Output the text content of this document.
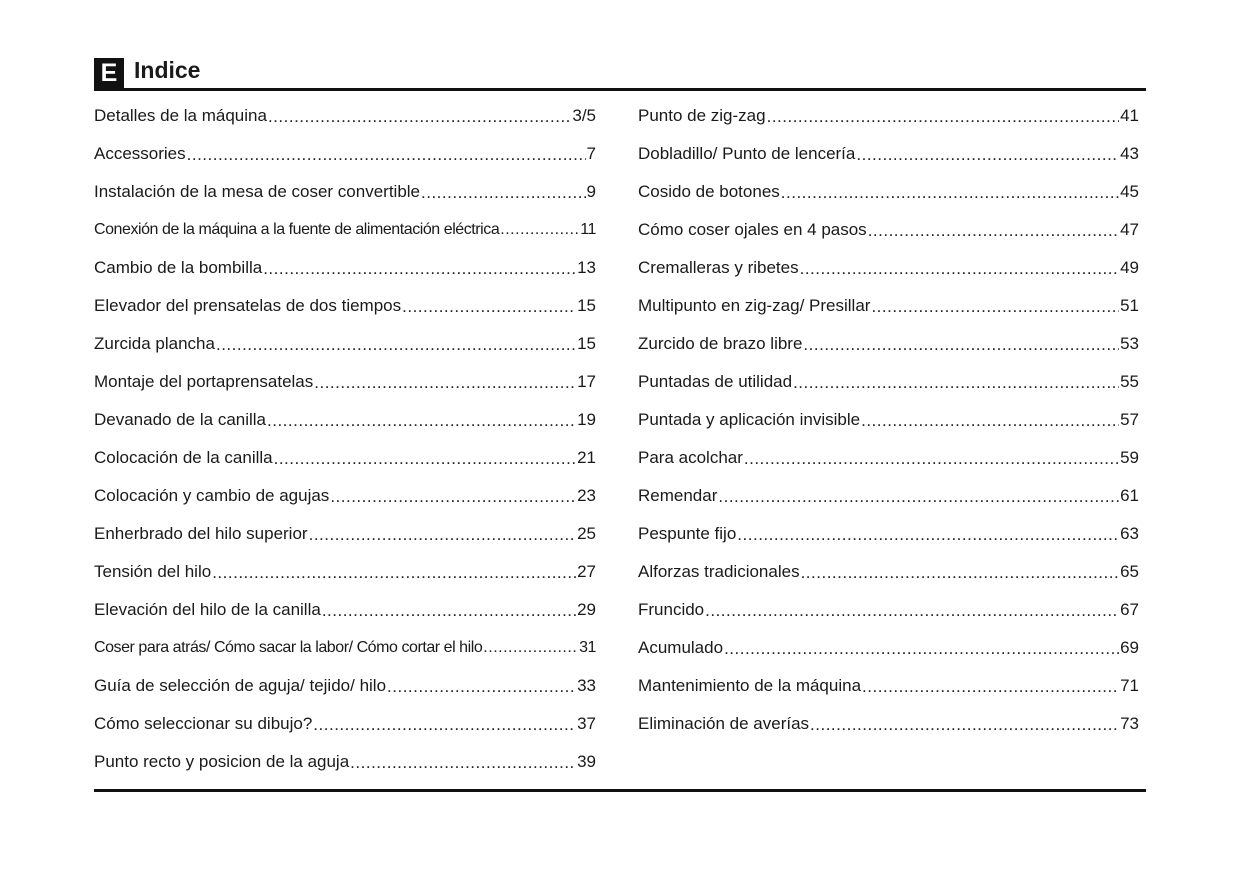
E Indice
Detalles de la máquina .....	3/5
Accessories .....	7
Instalación de la mesa de coser convertible .....	9
Conexión de la máquina a la fuente de alimentación eléctrica .....	11
Cambio de la bombilla .....	13
Elevador del prensatelas de dos tiempos .....	15
Zurcida plancha .....	15
Montaje del portaprensatelas .....	17
Devanado de la canilla .....	19
Colocación de la canilla .....	21
Colocación y cambio de agujas .....	23
Enherbrado del hilo superior .....	25
Tensión del hilo .....	27
Elevación del hilo de la canilla .....	29
Coser para atrás/ Cómo sacar la labor/ Cómo cortar el hilo .....	31
Guía de selección de aguja/ tejido/ hilo .....	33
Cómo seleccionar su dibujo? .....	37
Punto recto y posicion de la aguja .....	39
Punto de zig-zag .....	41
Dobladillo/ Punto de lencería .....	43
Cosido de botones .....	45
Cómo coser ojales en 4 pasos .....	47
Cremalleras y ribetes .....	49
Multipunto en zig-zag/ Presillar .....	51
Zurcido de brazo libre .....	53
Puntadas de utilidad .....	55
Puntada y aplicación invisible .....	57
Para acolchar .....	59
Remendar .....	61
Pespunte fijo .....	63
Alforzas tradicionales .....	65
Fruncido .....	67
Acumulado .....	69
Mantenimiento de la máquina .....	71
Eliminación de averías .....	73
